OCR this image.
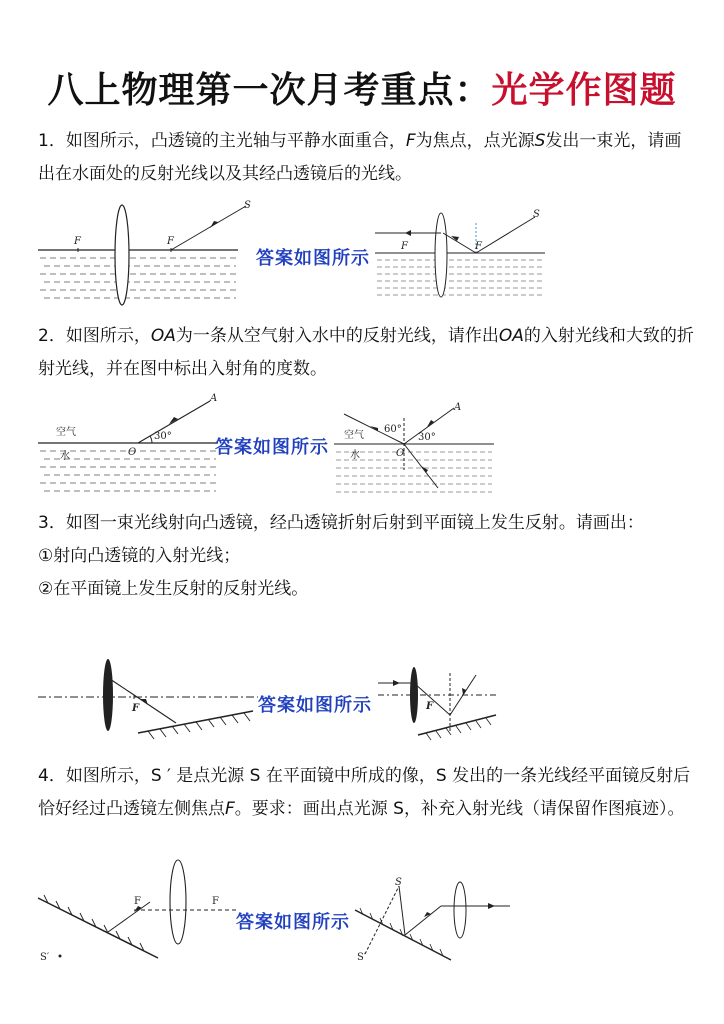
八上物理第一次月考重点：光学作图题
1．如图所示，凸透镜的主光轴与平静水面重合，F为焦点，点光源S发出一束光，请画出在水面处的反射光线以及其经凸透镜后的光线。
F	F
S
答案如图所示
F	F
S
2．如图所示，OA为一条从空气射入水中的反射光线，请作出OA的入射光线和大致的折射光线，并在图中标出入射角的度数。
30°
A
O
空气
水	答案如图所示
60°
30°
A
O
空气
水
3．如图一束光线射向凸透镜，经凸透镜折射后射到平面镜上发生反射。请画出：
①射向凸透镜的入射光线；
②在平面镜上发生反射的反射光线。
F	答案如图所示	F
4．如图所示，S ′ 是点光源 S 在平面镜中所成的像，S 发出的一条光线经平面镜反射后恰好经过凸透镜左侧焦点F。要求：画出点光源 S，补充入射光线（请保留作图痕迹）。
F	F
S′
答案如图所示
S
S′
